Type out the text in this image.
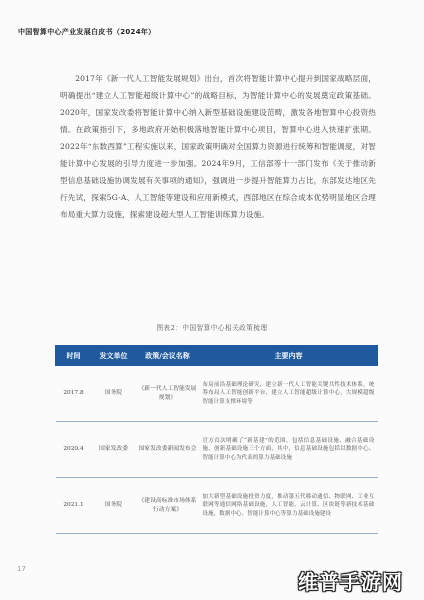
中国智算中心产业发展白皮书（2024年）

2017年《新一代人工智能发展规划》出台，首次将智能计算中心提升到国家战略层面，明确提出“建立人工智能超级计算中心”的战略目标，为智能计算中心的发展奠定政策基础。2020年，国家发改委将智能计算中心纳入新型基础设施建设范畴，激发各地智算中心投资热情。在政策指引下，多地政府开始积极落地智能计算中心项目，智算中心进入快速扩张期。2022年“东数西算”工程实施以来，国家政策明确对全国算力资源进行统筹和智能调度，对智能计算中心发展的引导力度进一步加强。2024年9月，工信部等十一部门发布《关于推动新型信息基础设施协调发展有关事项的通知》，强调进一步提升智能算力占比，东部发达地区先行先试，探索5G-A、人工智能等建设和应用新模式，西部地区在综合成本优势明显地区合理布局重大算力设施，探索建设超大型人工智能训练算力设施。

图表2：中国智算中心相关政策梳理
时间	发文单位	政策/会议名称	主要内容
2017.8	国务院	《新一代人工智能发展规划》	布局前沿基础理论研究，建立新一代人工智能关键共性技术体系，统筹布局人工智能创新平台，建立人工智能超级计算中心，大规模超级智能计算支撑环境等
2020.4	国家发改委	国家发改委新闻发布会	官方首次明确了“新基建”的范围，包括信息基础设施、融合基础设施、创新基础设施三个方面，其中，信息基础设施包括以数据中心、智能计算中心为代表的算力基础设施
2021.1	国务院	《建设高标准市场体系行动方案》	加大新型基础设施投资力度，推动第五代移动通信、物联网、工业互联网等通信网络基础设施，人工智能、云计算、区块链等新技术基础设施，数据中心、智能计算中心等算力基础设施建设
17
维普手游网
